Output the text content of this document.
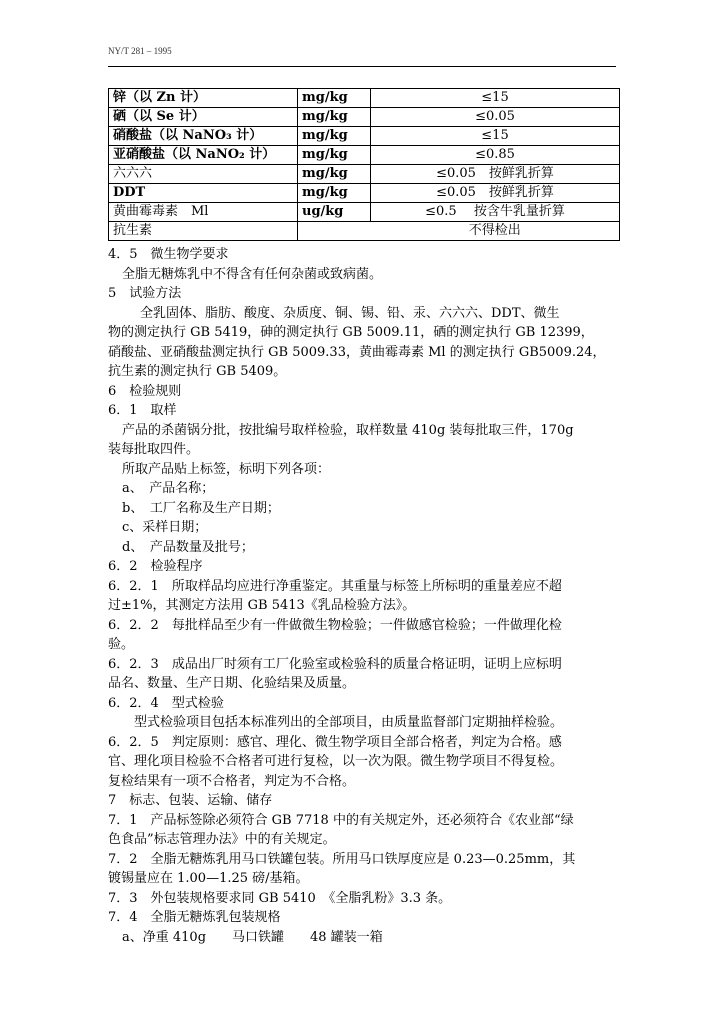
NY/T 281 – 1995
锌（以 Zn 计）	mg/kg	≤15
硒（以 Se 计）	mg/kg	≤0.05
硝酸盐（以 NaNO₃ 计）	mg/kg	≤15
亚硝酸盐（以 NaNO₂ 计）	mg/kg	≤0.85
六六六	mg/kg	≤0.05　按鲜乳折算
DDT	mg/kg	≤0.05　按鲜乳折算
黄曲霉毒素　Ml	ug/kg	≤0.5　 按含牛乳量折算
抗生素		不得检出
4．5　微生物学要求
全脂无糖炼乳中不得含有任何杂菌或致病菌。
5　试验方法
全乳固体、脂肪、酸度、杂质度、铜、锡、铅、汞、六六六、DDT、微生
物的测定执行 GB 5419，砷的测定执行 GB 5009.11，硒的测定执行 GB 12399，
硝酸盐、亚硝酸盐测定执行 GB 5009.33，黄曲霉毒素 Ml 的测定执行 GB5009.24，
抗生素的测定执行 GB 5409。
6　检验规则
6．1　取样
产品的杀菌锅分批，按批编号取样检验，取样数量 410g 装每批取三件，170g
装每批取四件。
所取产品贴上标签，标明下列各项：
a、　产品名称；
b、　工厂名称及生产日期；
c、采样日期；
d、　产品数量及批号；
6．2　检验程序
6．2．1　所取样品均应进行净重鉴定。其重量与标签上所标明的重量差应不超
过±1%，其测定方法用 GB 5413《乳品检验方法》。
6．2．2　每批样品至少有一件做微生物检验；一件做感官检验；一件做理化检
验。
6．2．3　成品出厂时须有工厂化验室或检验科的质量合格证明，证明上应标明
品名、数量、生产日期、化验结果及质量。
6．2．4　型式检验
型式检验项目包括本标准列出的全部项目，由质量监督部门定期抽样检验。
6．2．5　判定原则：感官、理化、微生物学项目全部合格者，判定为合格。感
官、理化项目检验不合格者可进行复检，以一次为限。微生物学项目不得复检。
复检结果有一项不合格者，判定为不合格。
7　标志、包装、运输、储存
7．1　产品标签除必须符合 GB 7718 中的有关规定外，还必须符合《农业部“绿
色食品”标志管理办法》中的有关规定。
7．2　全脂无糖炼乳用马口铁罐包装。所用马口铁厚度应是 0.23—0.25mm，其
镀锡量应在 1.00—1.25 磅/基箱。
7．3　外包装规格要求同 GB 5410　《全脂乳粉》3.3 条。
7．4　全脂无糖炼乳包装规格
a、净重 410g　　马口铁罐　　48 罐装一箱
